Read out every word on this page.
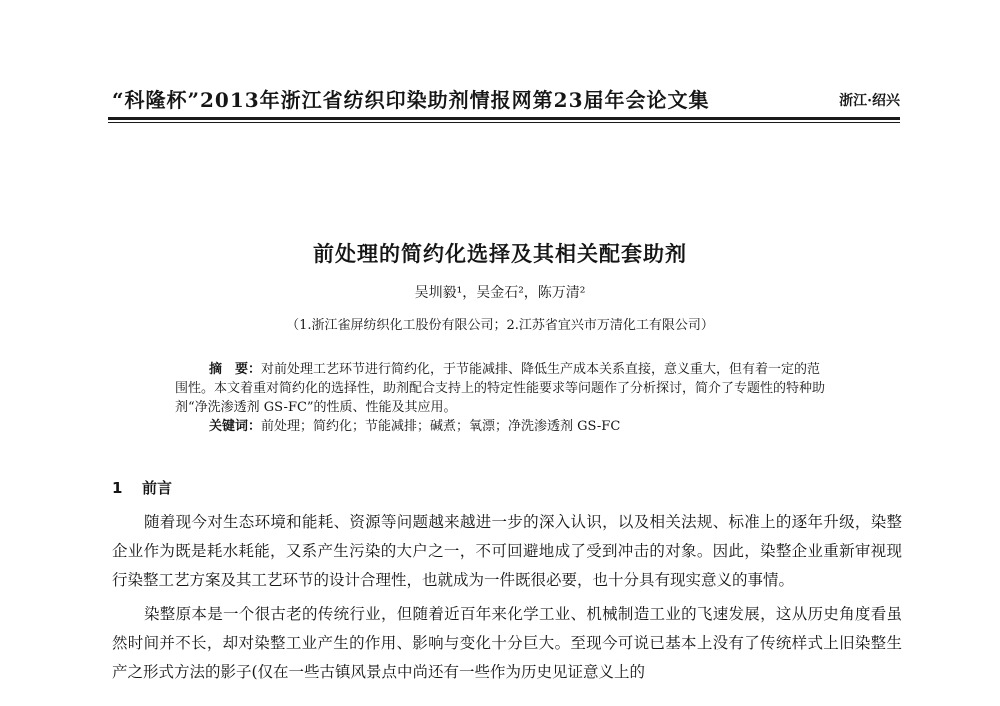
“科隆杯”2013年浙江省纺织印染助剂情报网第23届年会论文集	浙江·绍兴
前处理的简约化选择及其相关配套助剂
吴圳毅¹，吴金石²，陈万清²
（1.浙江雀屏纺织化工股份有限公司；2.江苏省宜兴市万清化工有限公司）

摘　要：对前处理工艺环节进行简约化，于节能减排、降低生产成本关系直接，意义重大，但有着一定的范围性。本文着重对简约化的选择性，助剂配合支持上的特定性能要求等问题作了分析探讨，简介了专题性的特种助剂“净洗渗透剂 GS-FC”的性质、性能及其应用。

关键词：前处理；简约化；节能减排；碱煮；氧漂；净洗渗透剂 GS-FC

1 前言

随着现今对生态环境和能耗、资源等问题越来越进一步的深入认识，以及相关法规、标准上的逐年升级，染整企业作为既是耗水耗能，又系产生污染的大户之一，不可回避地成了受到冲击的对象。因此，染整企业重新审视现行染整工艺方案及其工艺环节的设计合理性，也就成为一件既很必要，也十分具有现实意义的事情。

染整原本是一个很古老的传统行业，但随着近百年来化学工业、机械制造工业的飞速发展，这从历史角度看虽然时间并不长，却对染整工业产生的作用、影响与变化十分巨大。至现今可说已基本上没有了传统样式上旧染整生产之形式方法的影子(仅在一些古镇风景点中尚还有一些作为历史见证意义上的
